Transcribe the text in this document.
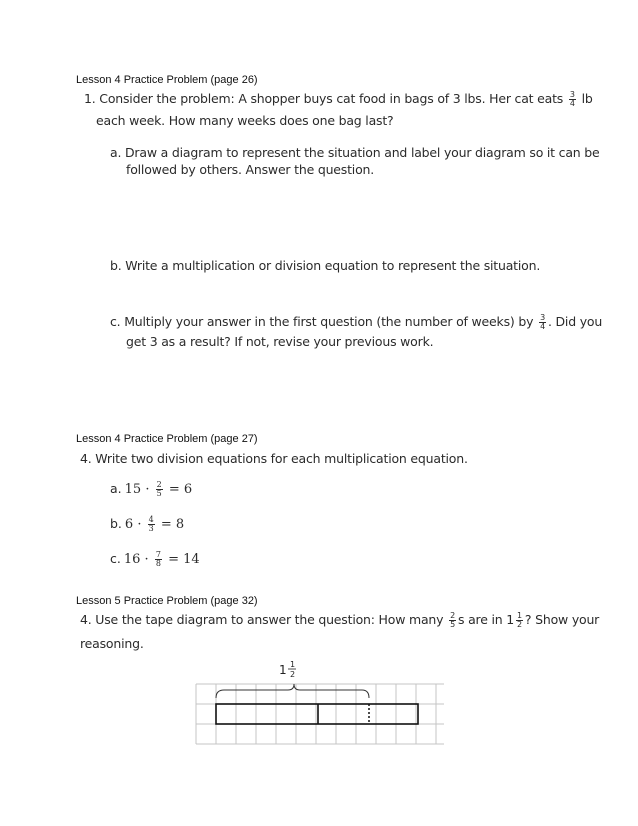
Lesson 4 Practice Problem (page 26)
1. Consider the problem: A shopper buys cat food in bags of 3 lbs. Her cat eats $\frac{3}{4}$ lb
each week. How many weeks does one bag last?
a. Draw a diagram to represent the situation and label your diagram so it can be
followed by others. Answer the question.
b. Write a multiplication or division equation to represent the situation.
c. Multiply your answer in the first question (the number of weeks) by $\frac{3}{4}$ . Did you
get 3 as a result? If not, revise your previous work.
Lesson 4 Practice Problem (page 27)
4. Write two division equations for each multiplication equation.
a. $15 \cdot \frac{2}{5} = 6$
b. $6 \cdot \frac{4}{3} = 8$
c. $16 \cdot \frac{7}{8} = 14$
Lesson 5 Practice Problem (page 32)
4. Use the tape diagram to answer the question: How many $\frac{2}{5}$ s are in $1 \frac{1}{2}$ ? Show your
reasoning.
1 1
2
